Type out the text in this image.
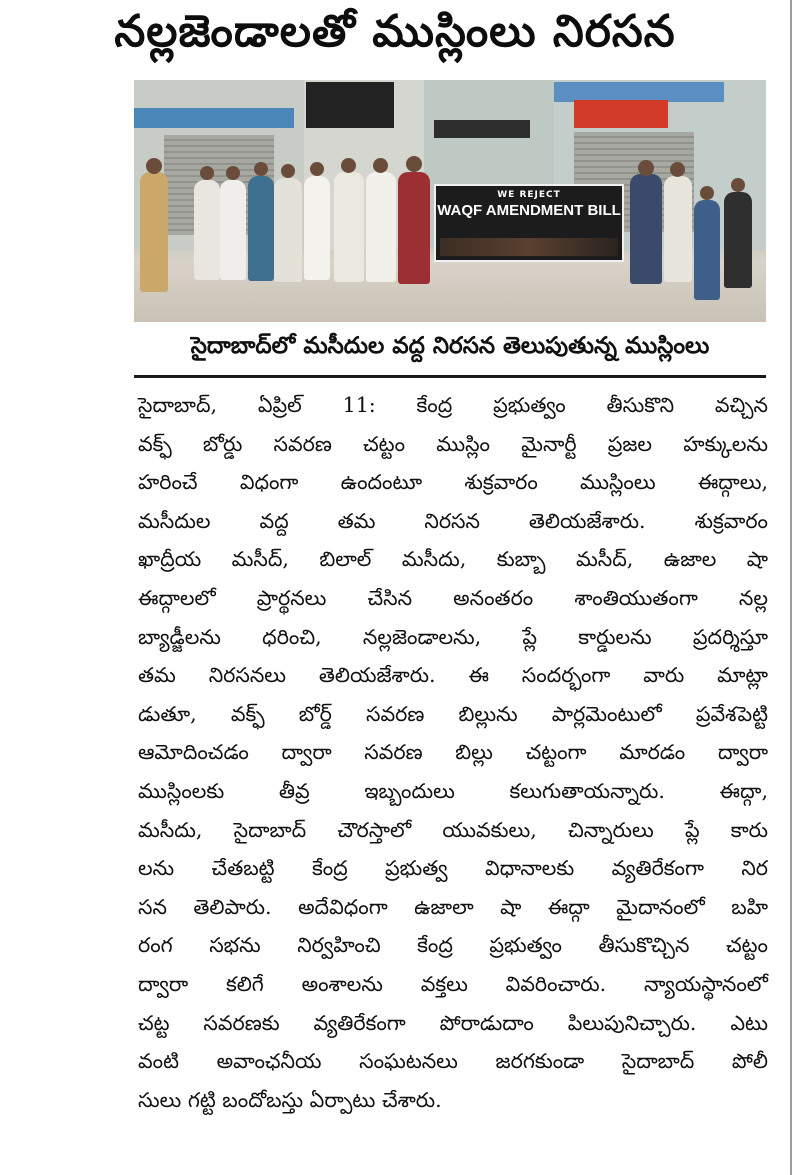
నల్లజెండాలతో ముస్లింలు నిరసన
WE REJECT
WAQF AMENDMENT BILL
సైదాబాద్‌లో మసీదుల వద్ద నిరసన తెలుపుతున్న ముస్లింలు
సైదాబాద్, ఏప్రిల్ 11: కేంద్ర ప్రభుత్వం తీసుకొని వచ్చిన
వక్ఫ్ బోర్డు సవరణ చట్టం ముస్లిం మైనార్టీ ప్రజల హక్కులను
హరించే విధంగా ఉందంటూ శుక్రవారం ముస్లింలు ఈద్గాలు,
మసీదుల వద్ద తమ నిరసన తెలియజేశారు. శుక్రవారం
ఖాద్రీయ మసీద్, బిలాల్ మసీదు, కుబ్బా మసీద్, ఉజాల షా
ఈద్గాలలో ప్రార్థనలు చేసిన అనంతరం శాంతియుతంగా నల్ల
బ్యాడ్జీలను ధరించి, నల్లజెండాలను, ప్లే కార్డులను ప్రదర్శిస్తూ
తమ నిరసనలు తెలియజేశారు. ఈ సందర్భంగా వారు మాట్లా
డుతూ, వక్ఫ్ బోర్డ్ సవరణ బిల్లును పార్లమెంటులో ప్రవేశపెట్టి
ఆమోదించడం ద్వారా సవరణ బిల్లు చట్టంగా మారడం ద్వారా
ముస్లింలకు తీవ్ర ఇబ్బందులు కలుగుతాయన్నారు. ఈద్గా,
మసీదు, సైదాబాద్ చౌరస్తాలో యువకులు, చిన్నారులు ప్లే కారు
లను చేతబట్టి కేంద్ర ప్రభుత్వ విధానాలకు వ్యతిరేకంగా నిర
సన తెలిపారు. అదేవిధంగా ఉజాలా షా ఈద్గా మైదానంలో బహి
రంగ సభను నిర్వహించి కేంద్ర ప్రభుత్వం తీసుకొచ్చిన చట్టం
ద్వారా కలిగే అంశాలను వక్తలు వివరించారు. న్యాయస్థానంలో
చట్ట సవరణకు వ్యతిరేకంగా పోరాడుదాం పిలుపునిచ్చారు. ఎటు
వంటి అవాంఛనీయ సంఘటనలు జరగకుండా సైదాబాద్ పోలీ
సులు గట్టి బందోబస్తు ఏర్పాటు చేశారు.
